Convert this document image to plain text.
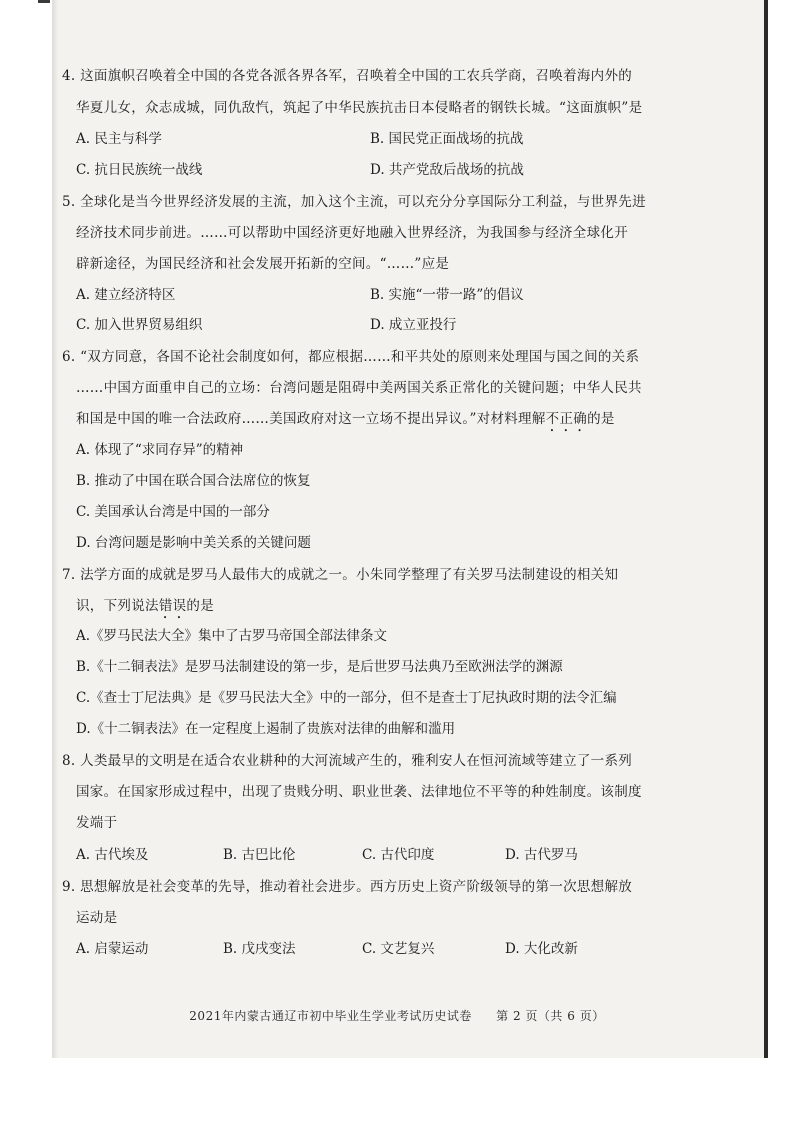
4. 这面旗帜召唤着全中国的各党各派各界各军，召唤着全中国的工农兵学商，召唤着海内外的
华夏儿女，众志成城，同仇敌忾，筑起了中华民族抗击日本侵略者的钢铁长城。“这面旗帜”是
A. 民主与科学	B. 国民党正面战场的抗战
C. 抗日民族统一战线	D. 共产党敌后战场的抗战
5. 全球化是当今世界经济发展的主流，加入这个主流，可以充分分享国际分工利益，与世界先进
经济技术同步前进。……可以帮助中国经济更好地融入世界经济，为我国参与经济全球化开
辟新途径，为国民经济和社会发展开拓新的空间。“……”应是
A. 建立经济特区	B. 实施“一带一路”的倡议
C. 加入世界贸易组织	D. 成立亚投行
6. “双方同意，各国不论社会制度如何，都应根据……和平共处的原则来处理国与国之间的关系
……中国方面重申自己的立场：台湾问题是阻碍中美两国关系正常化的关键问题；中华人民共
和国是中国的唯一合法政府……美国政府对这一立场不提出异议。”对材料理解不正确的是
A. 体现了“求同存异”的精神
B. 推动了中国在联合国合法席位的恢复
C. 美国承认台湾是中国的一部分
D. 台湾问题是影响中美关系的关键问题
7. 法学方面的成就是罗马人最伟大的成就之一。小朱同学整理了有关罗马法制建设的相关知
识，下列说法错误的是
A.《罗马民法大全》集中了古罗马帝国全部法律条文
B.《十二铜表法》是罗马法制建设的第一步，是后世罗马法典乃至欧洲法学的渊源
C.《查士丁尼法典》是《罗马民法大全》中的一部分，但不是查士丁尼执政时期的法令汇编
D.《十二铜表法》在一定程度上遏制了贵族对法律的曲解和滥用
8. 人类最早的文明是在适合农业耕种的大河流域产生的，雅利安人在恒河流域等建立了一系列
国家。在国家形成过程中，出现了贵贱分明、职业世袭、法律地位不平等的种姓制度。该制度
发端于
A. 古代埃及	B. 古巴比伦	C. 古代印度	D. 古代罗马
9. 思想解放是社会变革的先导，推动着社会进步。西方历史上资产阶级领导的第一次思想解放
运动是
A. 启蒙运动	B. 戊戌变法	C. 文艺复兴	D. 大化改新
2021年内蒙古通辽市初中毕业生学业考试历史试卷 第 2 页（共 6 页）
